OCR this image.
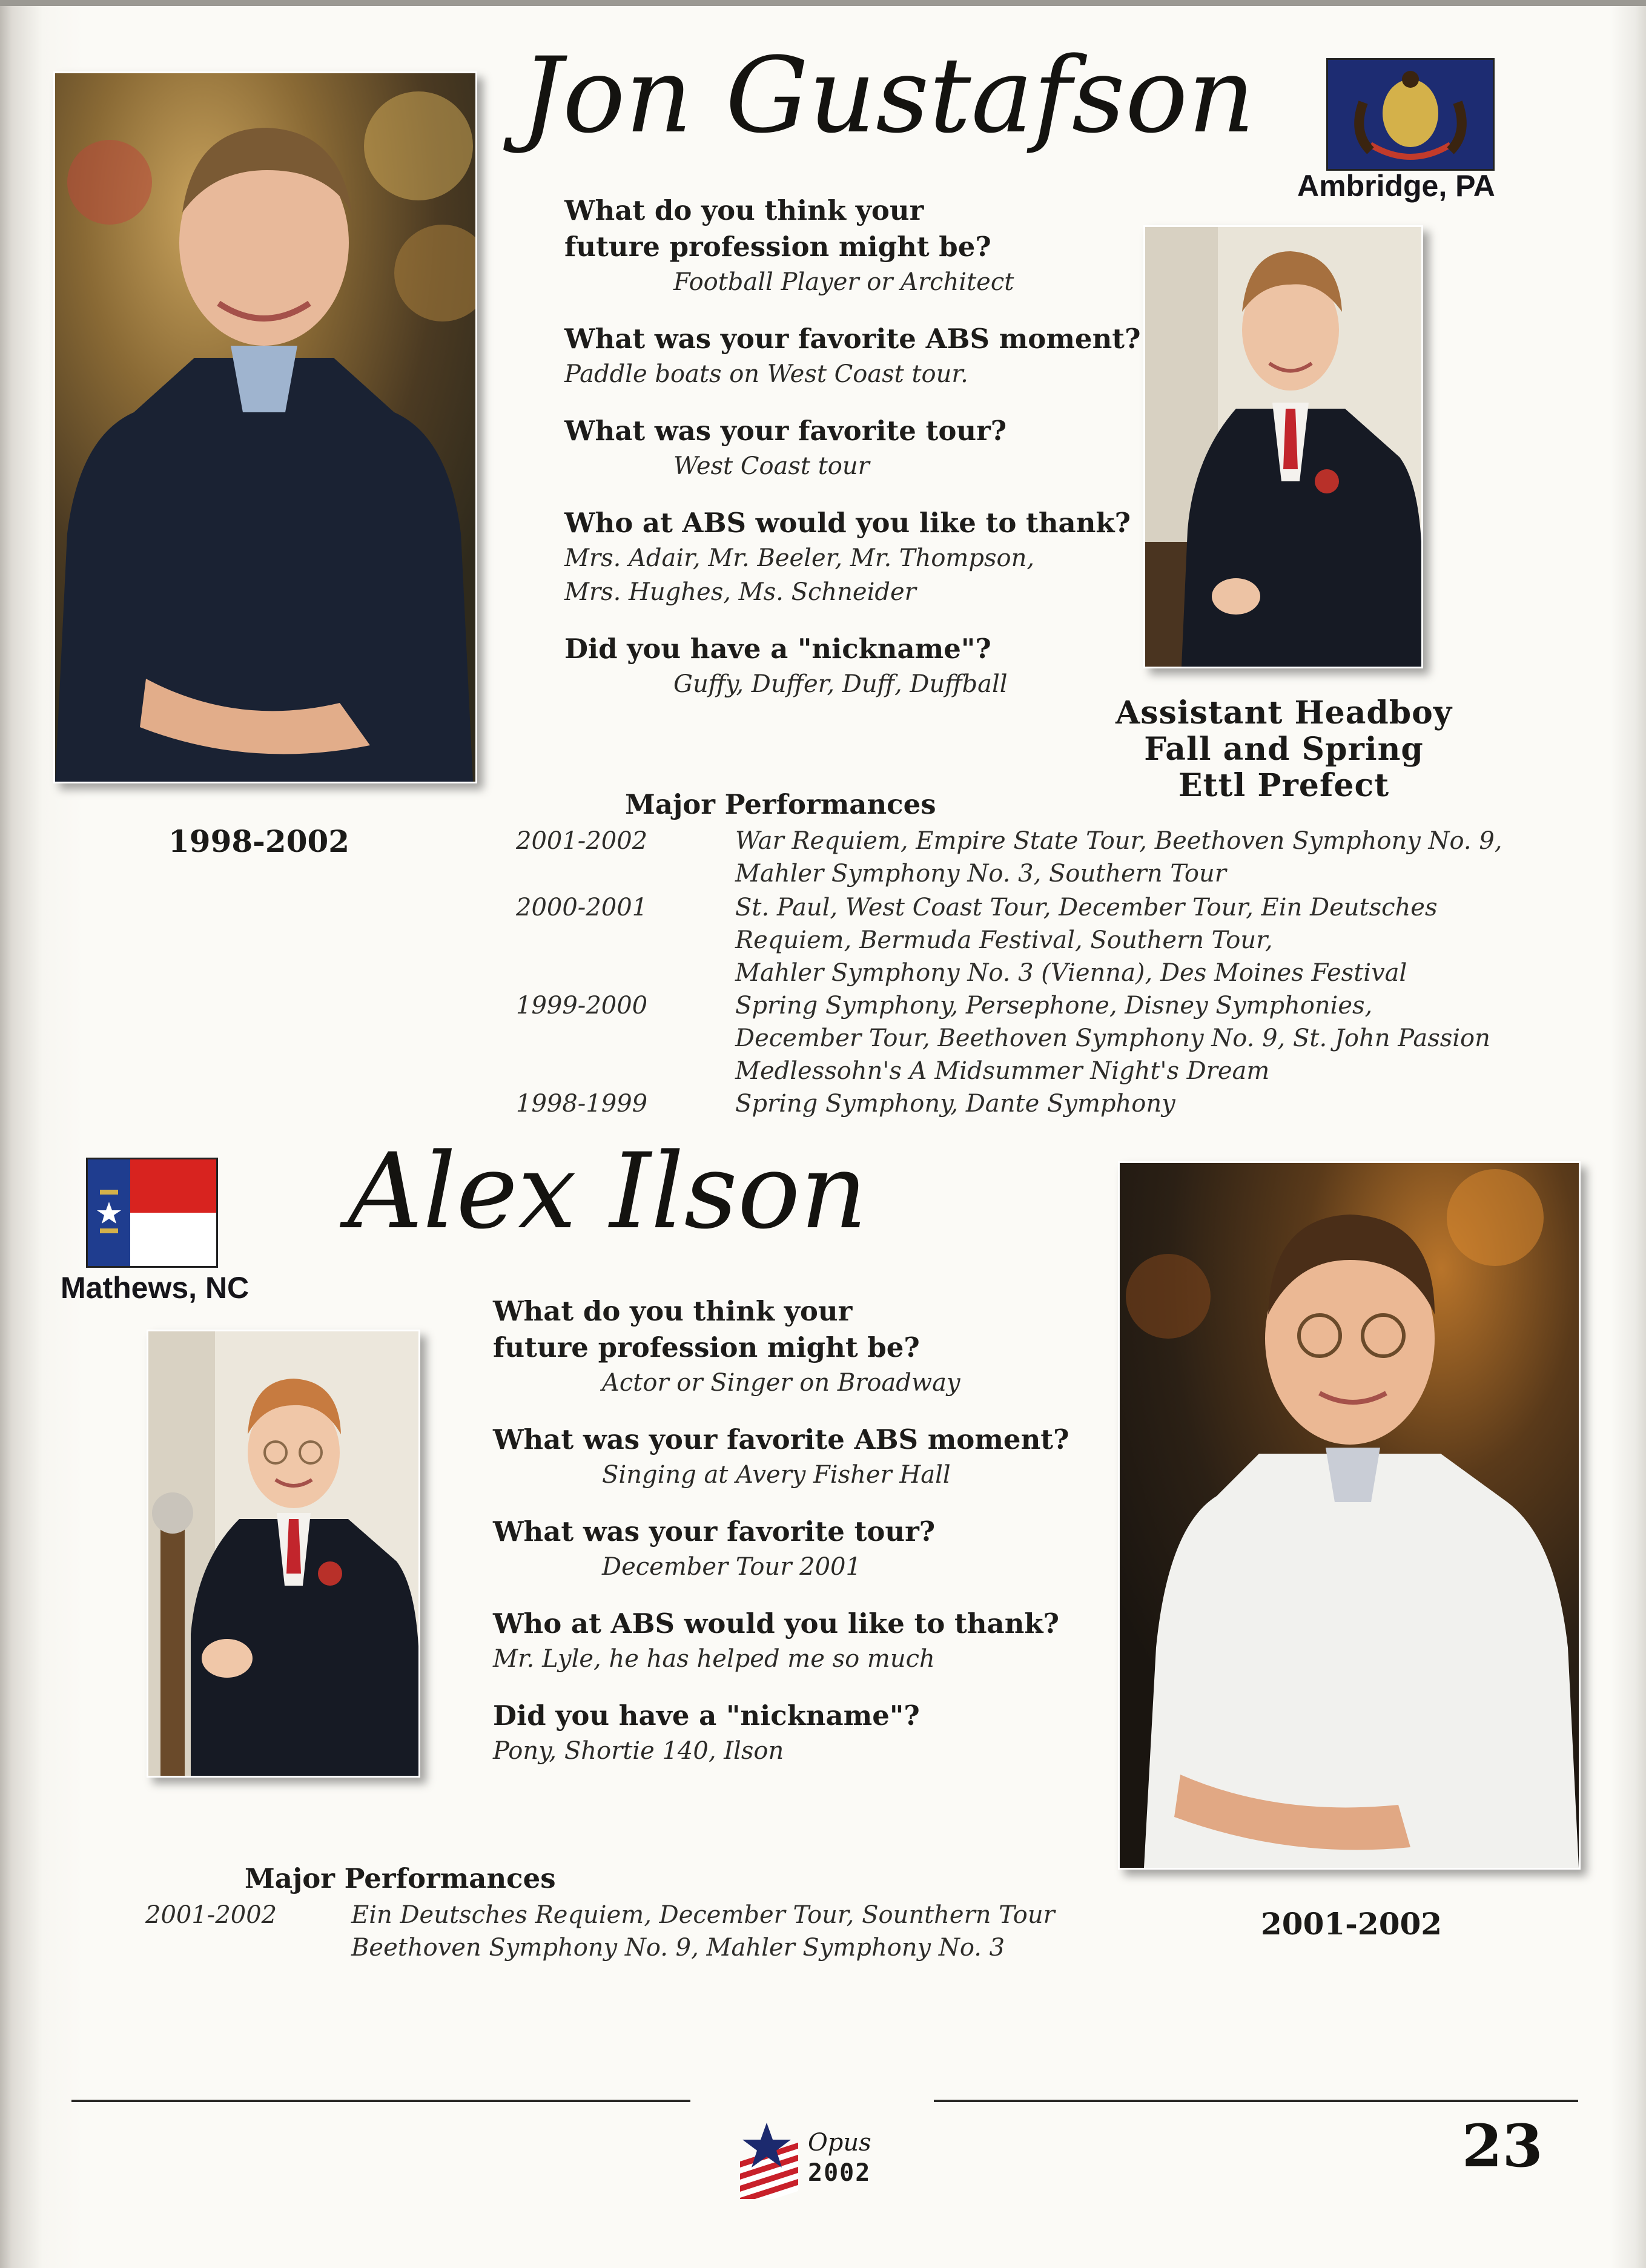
1998-2002
Jon Gustafson
Ambridge, PA
What do you think your future profession might be?
Football Player or Architect
What was your favorite ABS moment?
Paddle boats on West Coast tour.
What was your favorite tour?
West Coast tour
Who at ABS would you like to thank?
Mrs. Adair, Mr. Beeler, Mr. Thompson, Mrs. Hughes, Ms. Schneider
Did you have a "nickname"?
Guffy, Duffer, Duff, Duffball
Assistant Headboy
Fall and Spring
Ettl Prefect
Major Performances
2001-2002	War Requiem, Empire State Tour, Beethoven Symphony No. 9,
Mahler Symphony No. 3, Southern Tour
2000-2001	St. Paul, West Coast Tour, December Tour, Ein Deutsches
Requiem, Bermuda Festival, Southern Tour,
Mahler Symphony No. 3 (Vienna), Des Moines Festival
1999-2000	Spring Symphony, Persephone, Disney Symphonies,
December Tour, Beethoven Symphony No. 9, St. John Passion
Medlessohn's A Midsummer Night's Dream
1998-1999	Spring Symphony, Dante Symphony
Mathews, NC
Alex Ilson
What do you think your future profession might be?
Actor or Singer on Broadway
What was your favorite ABS moment?
Singing at Avery Fisher Hall
What was your favorite tour?
December Tour 2001
Who at ABS would you like to thank?
Mr. Lyle, he has helped me so much
Did you have a "nickname"?
Pony, Shortie 140, Ilson
2001-2002
Major Performances
2001-2002	Ein Deutsches Requiem, December Tour, Sounthern Tour
Beethoven Symphony No. 9, Mahler Symphony No. 3
Opus
2002	23
